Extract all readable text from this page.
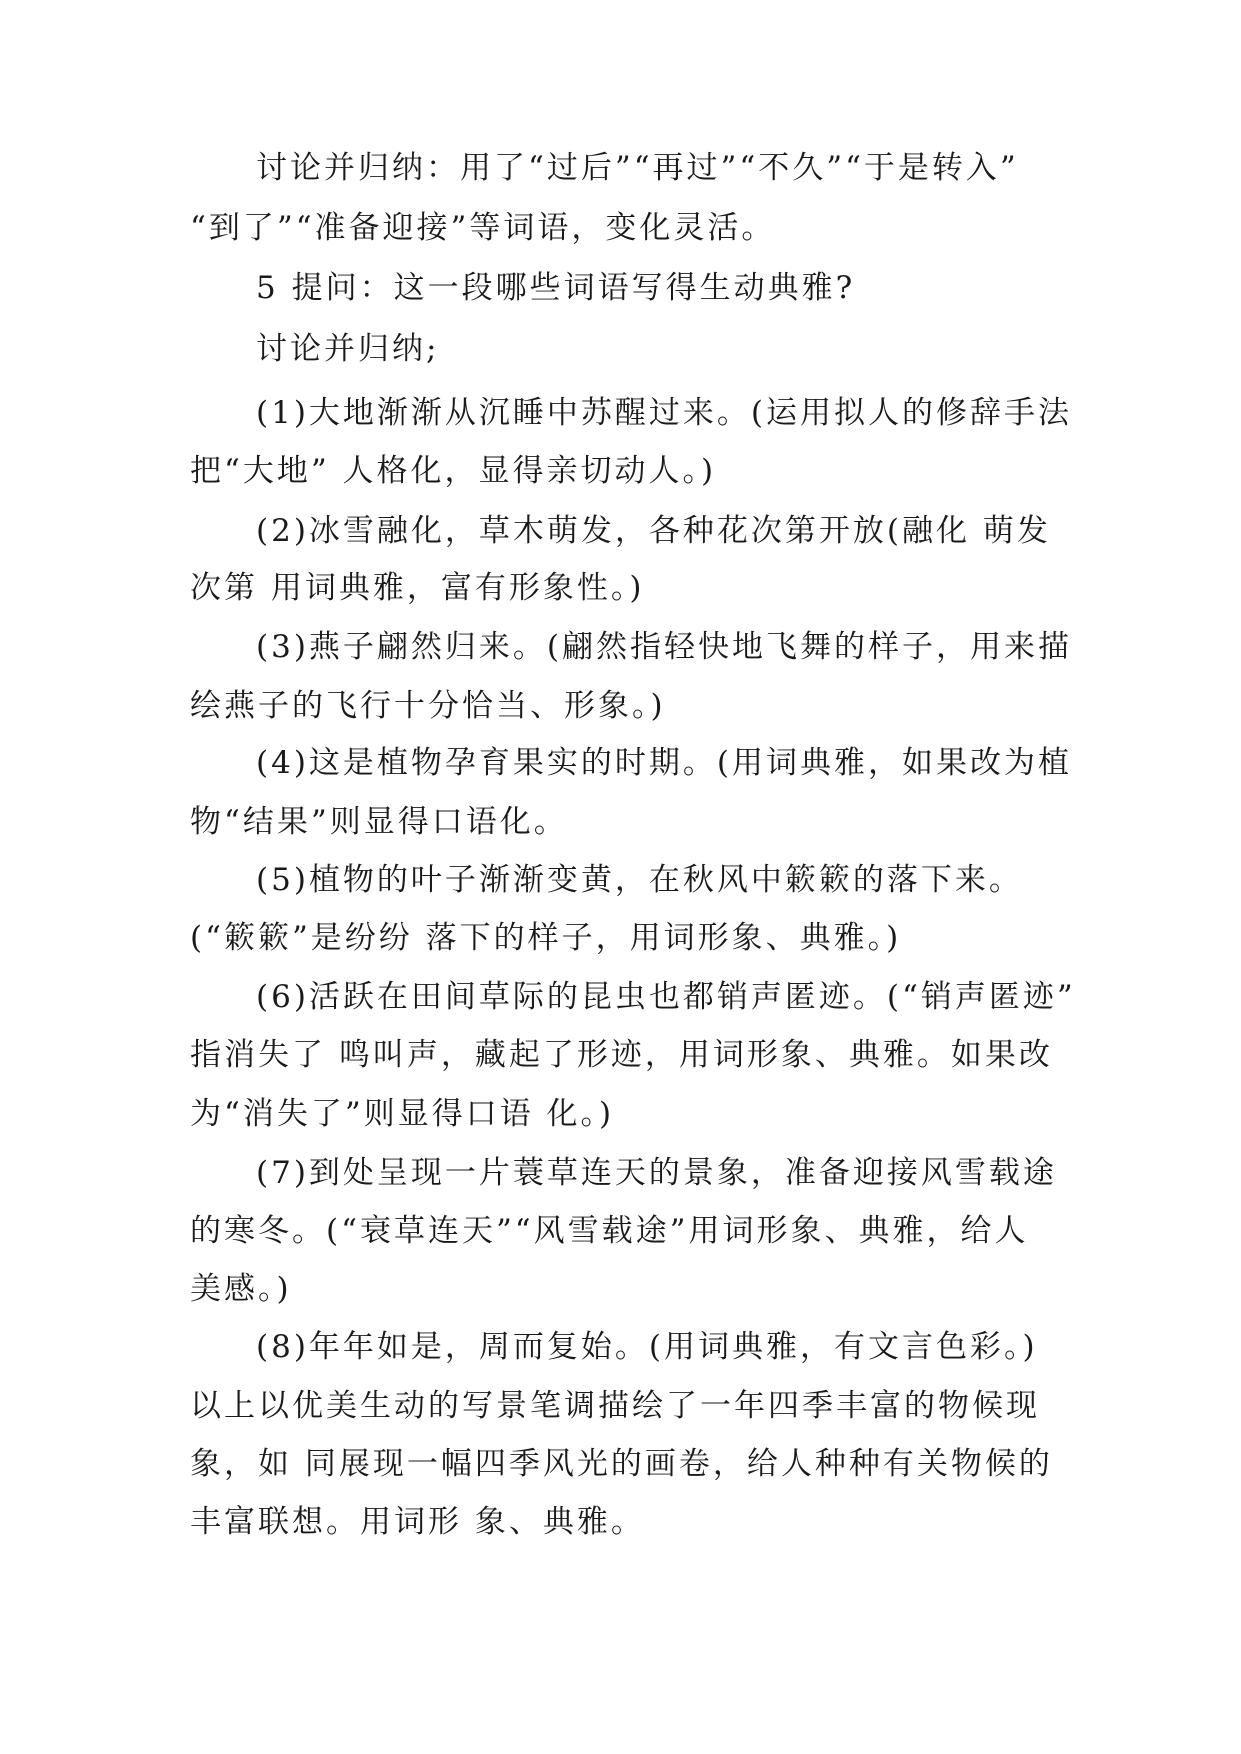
讨论并归纳：用了“过后”“再过”“不久”“于是转入”
“到了”“准备迎接”等词语，变化灵活。
5 提问：这一段哪些词语写得生动典雅?
讨论并归纳;
(1)大地渐渐从沉睡中苏醒过来。(运用拟人的修辞手法
把“大地” 人格化，显得亲切动人。)
(2)冰雪融化，草木萌发，各种花次第开放(融化 萌发
次第 用词典雅，富有形象性。)
(3)燕子翩然归来。(翩然指轻快地飞舞的样子，用来描
绘燕子的飞行十分恰当、形象。)
(4)这是植物孕育果实的时期。(用词典雅，如果改为植
物“结果”则显得口语化。
(5)植物的叶子渐渐变黄，在秋风中簌簌的落下来。
(“簌簌”是纷纷 落下的样子，用词形象、典雅。)
(6)活跃在田间草际的昆虫也都销声匿迹。(“销声匿迹”
指消失了 鸣叫声，藏起了形迹，用词形象、典雅。如果改
为“消失了”则显得口语 化。)
(7)到处呈现一片蓑草连天的景象，准备迎接风雪载途
的寒冬。(“衰草连天”“风雪载途”用词形象、典雅，给人
美感。)
(8)年年如是，周而复始。(用词典雅，有文言色彩。)
以上以优美生动的写景笔调描绘了一年四季丰富的物候现
象，如 同展现一幅四季风光的画卷，给人种种有关物候的
丰富联想。用词形 象、典雅。
